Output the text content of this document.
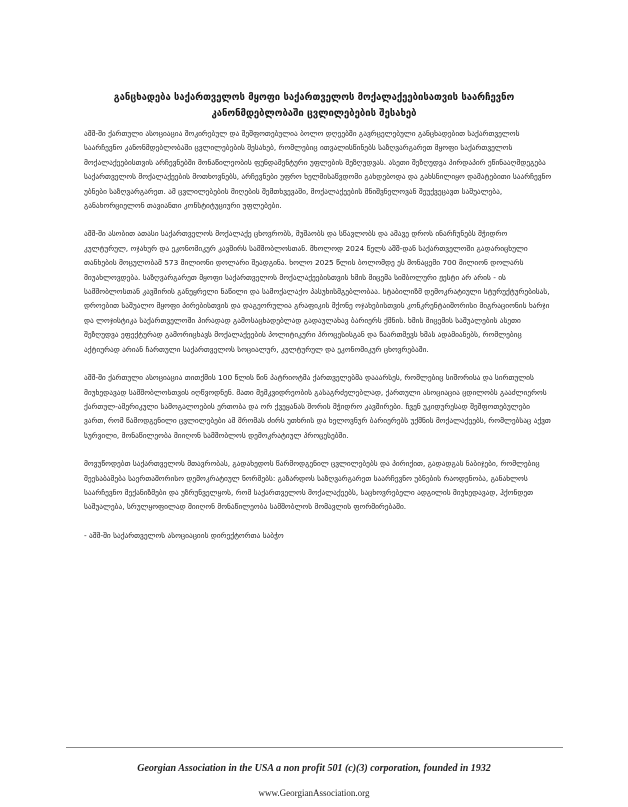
განცხადება საქართველოს მყოფი საქართველოს მოქალაქეებისათვის საარჩევნო
კანონმდებლობაში ცვლილებების შესახებ

აშშ-ში ქართული ასოციაცია შოკირებულ და შეშფოთებულია ბოლო დღეებში გავრცელებული განცხადებით საქართველოს საარჩევნო კანონმდებლობაში ცვლილებების შესახებ, რომლებიც ითვალისწინებს საზღვარგარეთ მყოფი საქართველოს მოქალაქეებისთვის არჩევნებში მონაწილეობის ფუნდამენტური უფლების შეზღუდვას. ასეთი შეზღუდვა პირდაპირ ეწინააღმდეგება საქართველოს მოქალაქეების მოთხოვნებს, არჩევნები უფრო ხელმისაწვდომი გახდებოდა და გახსნილიყო დამატებითი საარჩევნო უბნები საზღვარგარეთ. ამ ცვლილებების მიღების შემთხვევაში, მოქალაქეების მნიშვნელოვან შეუქვეცავთ საშუალება, განახორციელონ თავიანთი კონსტიტუციური უფლებები.

აშშ-ში ასობით ათასი საქართველოს მოქალაქე ცხოვრობს, მუშაობს და სწავლობს და ამავე დროს ინარჩუნებს მჭიდრო კულტურულ, ოჯახურ და ეკონომიკურ კავშირს სამშობლოსთან. მხოლოდ 2024 წელს აშშ-დან საქართველოში გადარიცხული თანხების მოცულობამ 573 მილიონი დოლარი შეადგინა. ხოლო 2025 წლის ბოლომდე ეს მონაცემი 700 მილიონ დოლარს მიუახლოვდება. საზღვარგარეთ მყოფი საქართველოს მოქალაქეებისთვის ხმის მიცემა სიმბოლური ჟესტი არ არის - ის სამშობლოსთან კავშირის განუყრელი ნაწილი და სამოქალაქო პასუხისმგებლობაა. სტაბილიზმ დემოკრატიული სტურუქტურებისას, დროებით საშუალო მყოფი პირებისთვის და დაგეორულია გრაფიკის მქონე ოჯახებისთვის კონკრენტაიშორისი მიგრაციონის ხარჯი და ლოჯისტიკა საქართველოში პირადად გამოსაცხადებლად გადაულახავ ბარიერს ქმნის. ხმის მიცემის საშუალების ასეთი შეზღუდვა ეფექტურად გამორიცხავს მოქალაქეების პოლიტიკური პროცესისგან და წაართმევს ხმას ადამიანებს, რომლებიც აქტიურად არიან ჩართული საქართველოს სოციალურ, კულტურულ და ეკონომიკურ ცხოვრებაში.

აშშ-ში ქართული ასოციაცია თითქმის 100 წლის წინ პატრიოტმა ქართველებმა დააარსეს, რომლებიც სიშორისა და სირთულის მიუხედავად სამშობლოსთვის იღწვოდნენ. მათი მემკვიდრეობის გასაგრძელებლად, ქართული ასოციაცია ცდილობს გააძლიეროს ქართულ-ამერიკული სამოგალოების ერთობა და ორ ქვეყანას შორის მჭიდრო კავშირები. ჩვენ უკიდურესად შეშფოთებულები ვართ, რომ წამოდგენილი ცვლილებები ამ მრომას ძირს უთხრის და ხელოვნურ ბარიერებს უქმნის მოქალაქეებს, რომლებსაც აქვთ სურვილი, მონაწილეობა მიიღონ სამშობლოს დემოკრატიულ პროცესებში.

მოვუწოდებთ საქართველოს მთავრობას, გადახედოს წარმოდგენილ ცვლილებებს და პირიქით, გადადგას ნაბიჯები, რომლებიც შეესაბამება საერთაშორისო დემოკრატიულ ნორმებს: გაზარდოს საზღვარგარეთ საარჩევნო უბნების რაოდენობა, განახლოს საარჩევნო მექანიზმები და უზრუნველყოს, რომ საქართველოს მოქალაქეებს, საცხოვრებელი ადგილის მიუხედავად, ჰქონდეთ საშუალება, სრულყოფილად მიიღონ მონაწილეობა სამშობლოს მომავლის ფორმირებაში.

- აშშ-ში საქართველოს ასოციაციის დირექტორთა საბჭო

Georgian Association in the USA a non profit 501 (c)(3) corporation, founded in 1932
www.GeorgianAssociation.org
